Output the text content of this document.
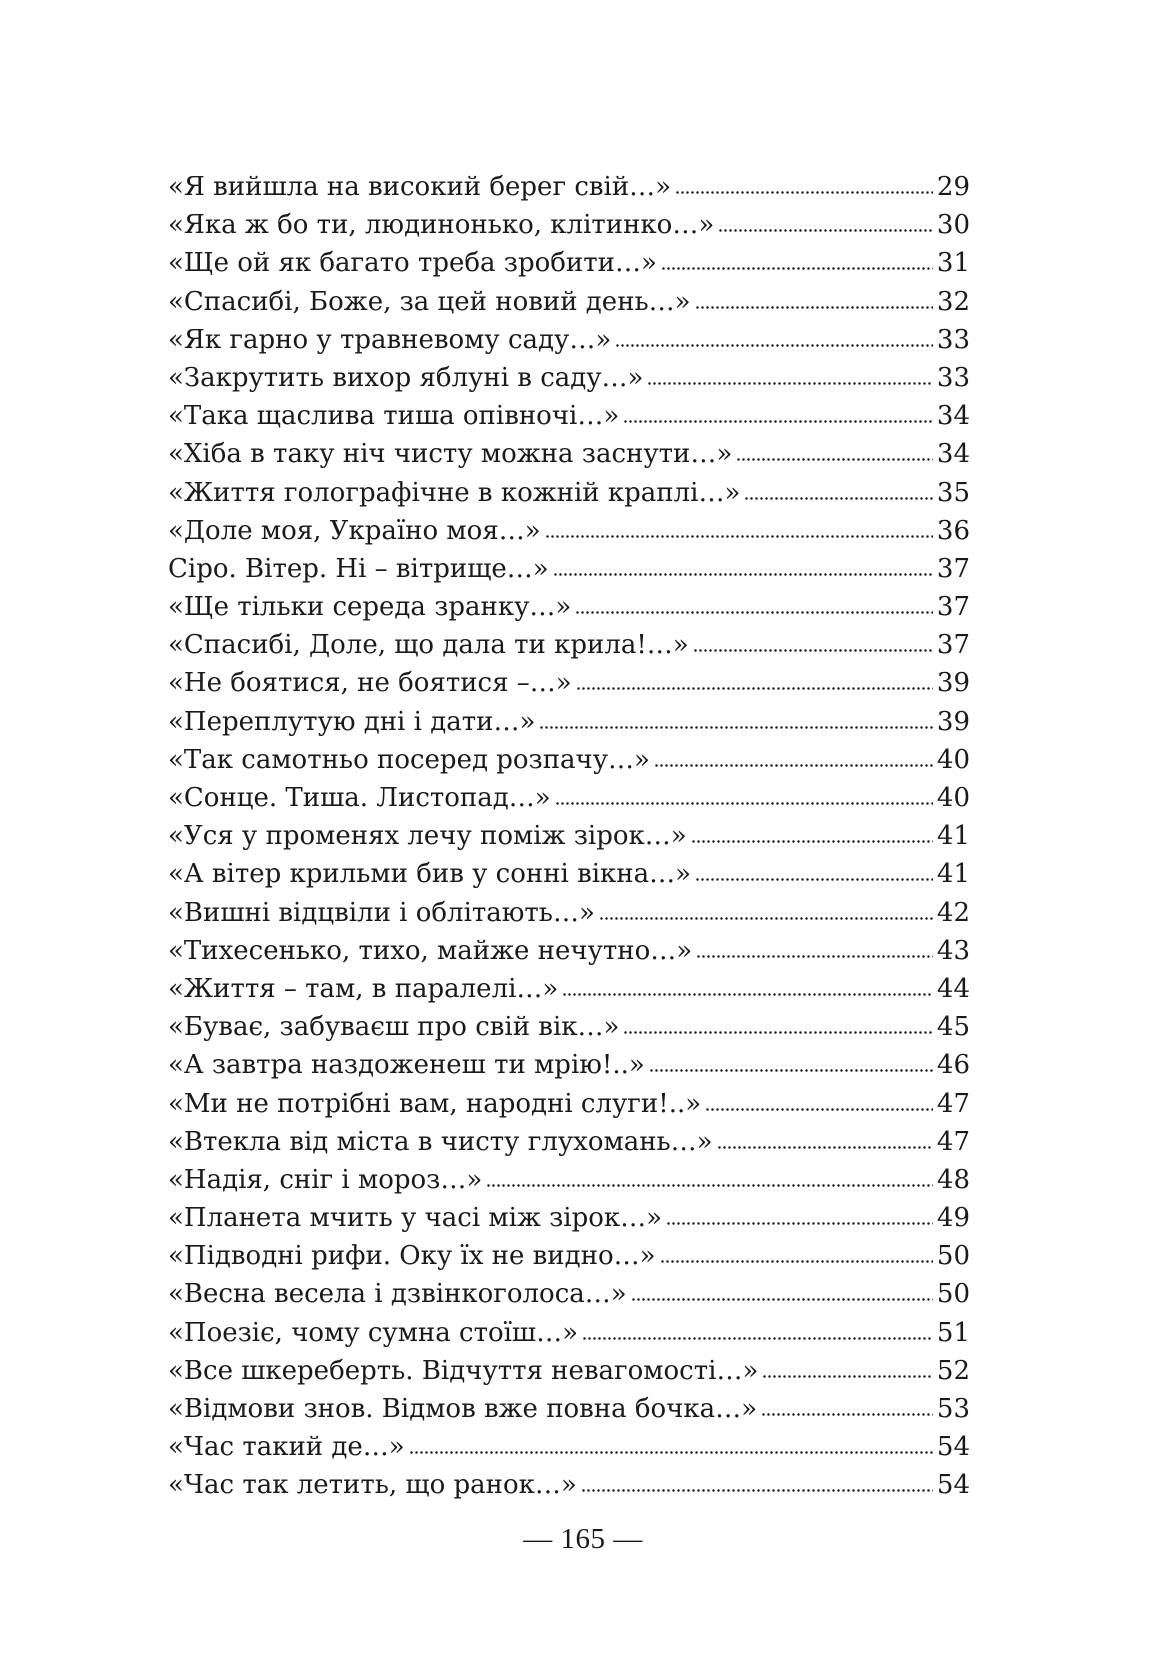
«Я вийшла на високий берег свій…»	29
«Яка ж бо ти, людинонько, клітинко…»	30
«Ще ой як багато треба зробити…»	31
«Спасибі, Боже, за цей новий день…»	32
«Як гарно у травневому саду…»	33
«Закрутить вихор яблуні в саду…»	33
«Така щаслива тиша опівночі…»	34
«Хіба в таку ніч чисту можна заснути…»	34
«Життя голографічне в кожній краплі…»	35
«Доле моя, Україно моя…»	36
Сіро. Вітер. Ні – вітрище…»	37
«Ще тільки середа зранку…»	37
«Спасибі, Доле, що дала ти крила!…»	37
«Не боятися, не боятися –…»	39
«Переплутую дні і дати…»	39
«Так самотньо посеред розпачу…»	40
«Сонце. Тиша. Листопад…»	40
«Уся у променях лечу поміж зірок…»	41
«А вітер крильми бив у сонні вікна…»	41
«Вишні відцвіли і облітають…»	42
«Тихесенько, тихо, майже нечутно…»	43
«Життя – там, в паралелі…»	44
«Буває, забуваєш про свій вік…»	45
«А завтра наздоженеш ти мрію!..»	46
«Ми не потрібні вам, народні слуги!..»	47
«Втекла від міста в чисту глухомань…»	47
«Надія, сніг і мороз…»	48
«Планета мчить у часі між зірок…»	49
«Підводні рифи. Оку їх не видно…»	50
«Весна весела і дзвінкоголоса…»	50
«Поезіє, чому сумна стоїш…»	51
«Все шкереберть. Відчуття невагомості…»	52
«Відмови знов. Відмов вже повна бочка…»	53
«Час такий де…»	54
«Час так летить, що ранок…»	54
— 165 —
